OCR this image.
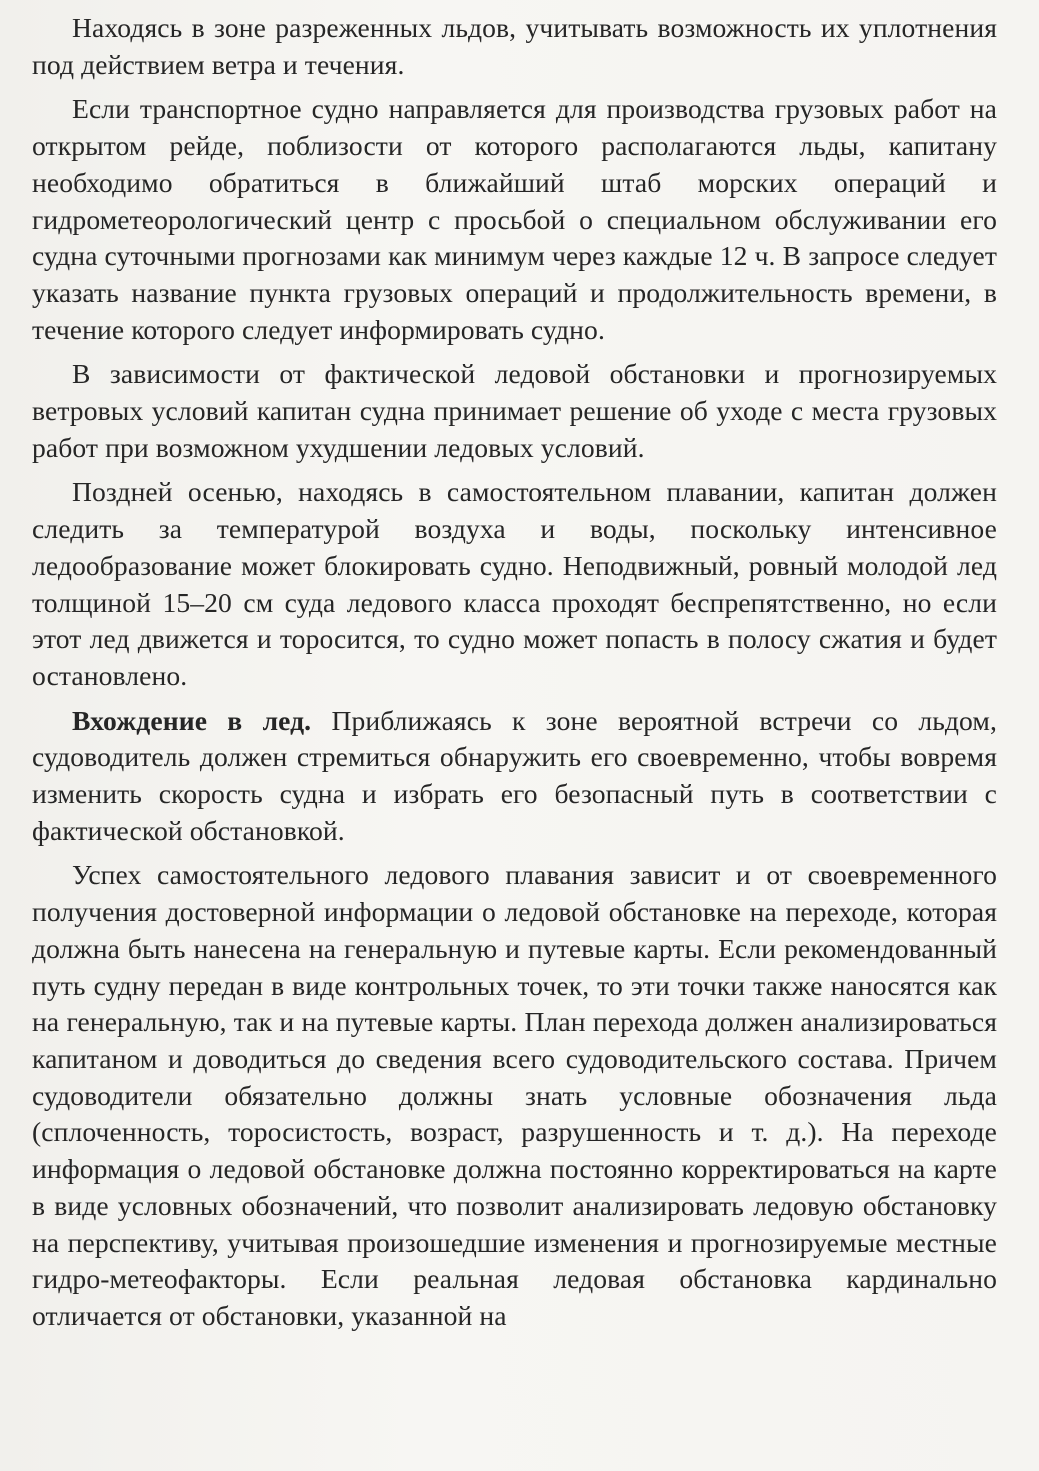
Находясь в зоне разреженных льдов, учитывать возможность их уплотнения под действием ветра и течения.

Если транспортное судно направляется для производства грузовых работ на открытом рейде, поблизости от которого располагаются льды, капитану необходимо обратиться в ближайший штаб морских операций и гидрометеорологический центр с просьбой о специальном обслуживании его судна суточными прогнозами как минимум через каждые 12 ч. В запросе следует указать название пункта грузовых операций и продолжительность времени, в течение которого следует информировать судно.

В зависимости от фактической ледовой обстановки и прогнозируемых ветровых условий капитан судна принимает решение об уходе с места грузовых работ при возможном ухудшении ледовых условий.

Поздней осенью, находясь в самостоятельном плавании, капитан должен следить за температурой воздуха и воды, поскольку интенсивное ледообразование может блокировать судно. Неподвижный, ровный молодой лед толщиной 15–20 см суда ледового класса проходят беспрепятственно, но если этот лед движется и торосится, то судно может попасть в полосу сжатия и будет остановлено.

Вхождение в лед. Приближаясь к зоне вероятной встречи со льдом, судоводитель должен стремиться обнаружить его своевременно, чтобы вовремя изменить скорость судна и избрать его безопасный путь в соответствии с фактической обстановкой.

Успех самостоятельного ледового плавания зависит и от своевременного получения достоверной информации о ледовой обстановке на переходе, которая должна быть нанесена на генеральную и путевые карты. Если рекомендованный путь судну передан в виде контрольных точек, то эти точки также наносятся как на генеральную, так и на путевые карты. План перехода должен анализироваться капитаном и доводиться до сведения всего судоводительского состава. Причем судоводители обязательно должны знать условные обозначения льда (сплоченность, торосистость, возраст, разрушенность и т. д.). На переходе информация о ледовой обстановке должна постоянно корректироваться на карте в виде условных обозначений, что позволит анализировать ледовую обстановку на перспективу, учитывая произошедшие изменения и прогнозируемые местные гидро-метеофакторы. Если реальная ледовая обстановка кардинально отличается от обстановки, указанной на
